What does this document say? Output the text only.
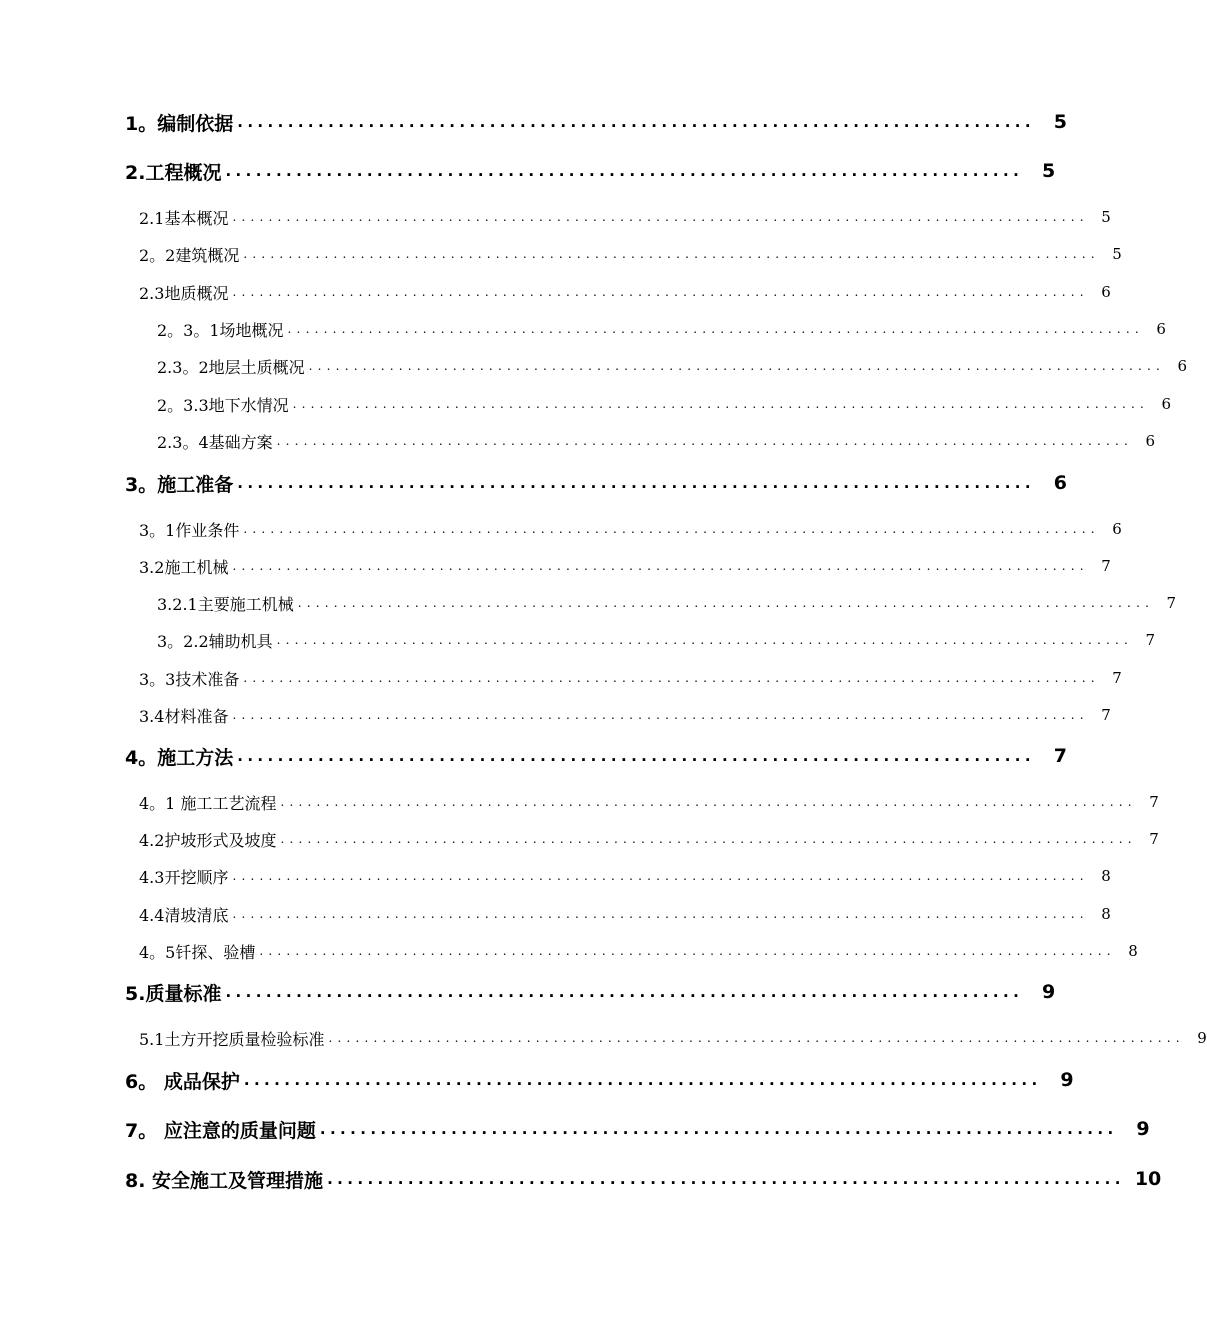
1。编制依据 ............................................................................... 5
2.工程概况 ............................................................................... 5
2.1基本概况 ............................................................................................... 5
2。2建筑概况 ............................................................................................... 5
2.3地质概况 ............................................................................................... 6
2。3。1场地概况 ............................................................................................... 6
2.3。2地层土质概况 ............................................................................................... 6
2。3.3地下水情况 ............................................................................................... 6
2.3。4基础方案 ............................................................................................... 6
3。施工准备 ............................................................................... 6
3。1作业条件 ............................................................................................... 6
3.2施工机械 ............................................................................................... 7
3.2.1主要施工机械 ............................................................................................... 7
3。2.2辅助机具 ............................................................................................... 7
3。3技术准备 ............................................................................................... 7
3.4材料准备 ............................................................................................... 7
4。施工方法 ............................................................................... 7
4。1 施工工艺流程 ............................................................................................... 7
4.2护坡形式及坡度 ............................................................................................... 7
4.3开挖顺序 ............................................................................................... 8
4.4清坡清底 ............................................................................................... 8
4。5钎探、验槽 ............................................................................................... 8
5.质量标准 ............................................................................... 9
5.1土方开挖质量检验标准 ............................................................................................... 9
6。 成品保护 ............................................................................... 9
7。 应注意的质量问题 ............................................................................... 9
8. 安全施工及管理措施 ............................................................................... 10
